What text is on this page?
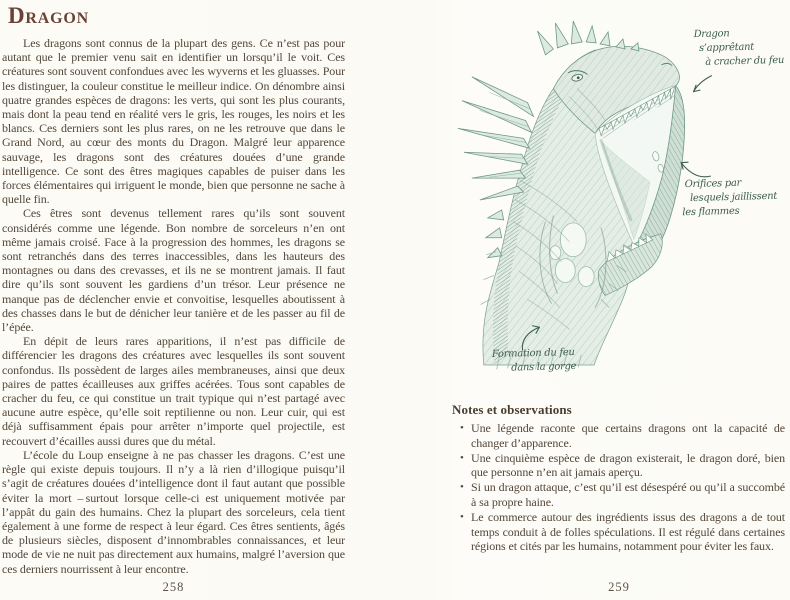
Dragon

Les dragons sont connus de la plupart des gens. Ce n’est pas pour autant que le premier venu sait en identifier un lorsqu’il le voit. Ces créatures sont souvent confondues avec les wyverns et les gluasses. Pour les distinguer, la couleur constitue le meilleur indice. On dénombre ainsi quatre grandes espèces de dragons: les verts, qui sont les plus courants, mais dont la peau tend en réalité vers le gris, les rouges, les noirs et les blancs. Ces derniers sont les plus rares, on ne les retrouve que dans le Grand Nord, au cœur des monts du Dragon. Malgré leur apparence sauvage, les dragons sont des créatures douées d’une grande intelligence. Ce sont des êtres magiques capables de puiser dans les forces élémentaires qui irriguent le monde, bien que personne ne sache à quelle fin.

Ces êtres sont devenus tellement rares qu’ils sont souvent considérés comme une légende. Bon nombre de sorceleurs n’en ont même jamais croisé. Face à la progression des hommes, les dragons se sont retranchés dans des terres inaccessibles, dans les hauteurs des montagnes ou dans des crevasses, et ils ne se montrent jamais. Il faut dire qu’ils sont souvent les gardiens d’un trésor. Leur présence ne manque pas de déclencher envie et convoitise, lesquelles aboutissent à des chasses dans le but de dénicher leur tanière et de les passer au fil de l’épée.

En dépit de leurs rares apparitions, il n’est pas difficile de différencier les dragons des créatures avec lesquelles ils sont souvent confondus. Ils possèdent de larges ailes membraneuses, ainsi que deux paires de pattes écailleuses aux griffes acérées. Tous sont capables de cracher du feu, ce qui constitue un trait typique qui n’est partagé avec aucune autre espèce, qu’elle soit reptilienne ou non. Leur cuir, qui est déjà suffisamment épais pour arrêter n’importe quel projectile, est recouvert d’écailles aussi dures que du métal.

L’école du Loup enseigne à ne pas chasser les dragons. C’est une règle qui existe depuis toujours. Il n’y a là rien d’illogique puisqu’il s’agit de créatures douées d’intelligence dont il faut autant que possible éviter la mort – surtout lorsque celle-ci est uniquement motivée par l’appât du gain des humains. Chez la plupart des sorceleurs, cela tient également à une forme de respect à leur égard. Ces êtres sentients, âgés de plusieurs siècles, disposent d’innombrables connaissances, et leur mode de vie ne nuit pas directement aux humains, malgré l’aversion que ces derniers nourrissent à leur encontre.

258
Dragon
s’apprêtant
à cracher du feu
Orifices par
lesquels jaillissent
les flammes
Formation du feu
dans la gorge
Notes et observations
• Une légende raconte que certains dragons ont la capacité de changer d’apparence.
• Une cinquième espèce de dragon existerait, le dragon doré, bien que personne n’en ait jamais aperçu.
• Si un dragon attaque, c’est qu’il est désespéré ou qu’il a succombé à sa propre haine.
• Le commerce autour des ingrédients issus des dragons a de tout temps conduit à de folles spéculations. Il est régulé dans certaines régions et cités par les humains, notamment pour éviter les faux.
259
